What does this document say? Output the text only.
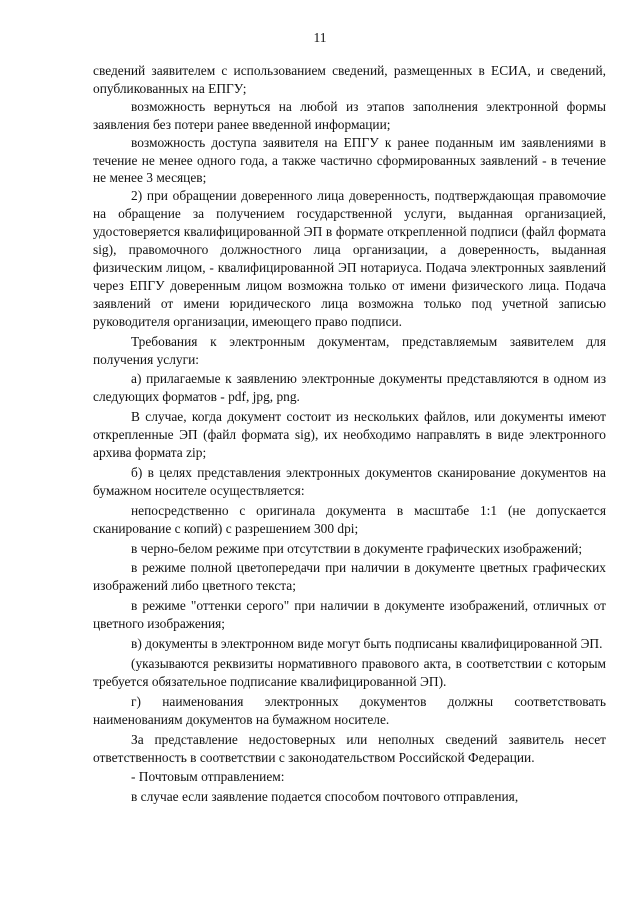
11

сведений заявителем с использованием сведений, размещенных в ЕСИА, и сведений, опубликованных на ЕПГУ;

возможность вернуться на любой из этапов заполнения электронной формы заявления без потери ранее введенной информации;

возможность доступа заявителя на ЕПГУ к ранее поданным им заявлениями в течение не менее одного года, а также частично сформированных заявлений - в течение не менее 3 месяцев;

2) при обращении доверенного лица доверенность, подтверждающая правомочие на обращение за получением государственной услуги, выданная организацией, удостоверяется квалифицированной ЭП в формате открепленной подписи (файл формата sig), правомочного должностного лица организации, а доверенность, выданная физическим лицом, - квалифицированной ЭП нотариуса. Подача электронных заявлений через ЕПГУ доверенным лицом возможна только от имени физического лица. Подача заявлений от имени юридического лица возможна только под учетной записью руководителя организации, имеющего право подписи.

Требования к электронным документам, представляемым заявителем для получения услуги:

а) прилагаемые к заявлению электронные документы представляются в одном из следующих форматов - pdf, jpg, png.

В случае, когда документ состоит из нескольких файлов, или документы имеют открепленные ЭП (файл формата sig), их необходимо направлять в виде электронного архива формата zip;

б) в целях представления электронных документов сканирование документов на бумажном носителе осуществляется:

непосредственно с оригинала документа в масштабе 1:1 (не допускается сканирование с копий) с разрешением 300 dpi;

в черно-белом режиме при отсутствии в документе графических изображений;

в режиме полной цветопередачи при наличии в документе цветных графических изображений либо цветного текста;

в режиме "оттенки серого" при наличии в документе изображений, отличных от цветного изображения;

в) документы в электронном виде могут быть подписаны квалифицированной ЭП.

(указываются реквизиты нормативного правового акта, в соответствии с которым требуется обязательное подписание квалифицированной ЭП).

г) наименования электронных документов должны соответствовать наименованиям документов на бумажном носителе.

За представление недостоверных или неполных сведений заявитель несет ответственность в соответствии с законодательством Российской Федерации.

- Почтовым отправлением:

в случае если заявление подается способом почтового отправления,
